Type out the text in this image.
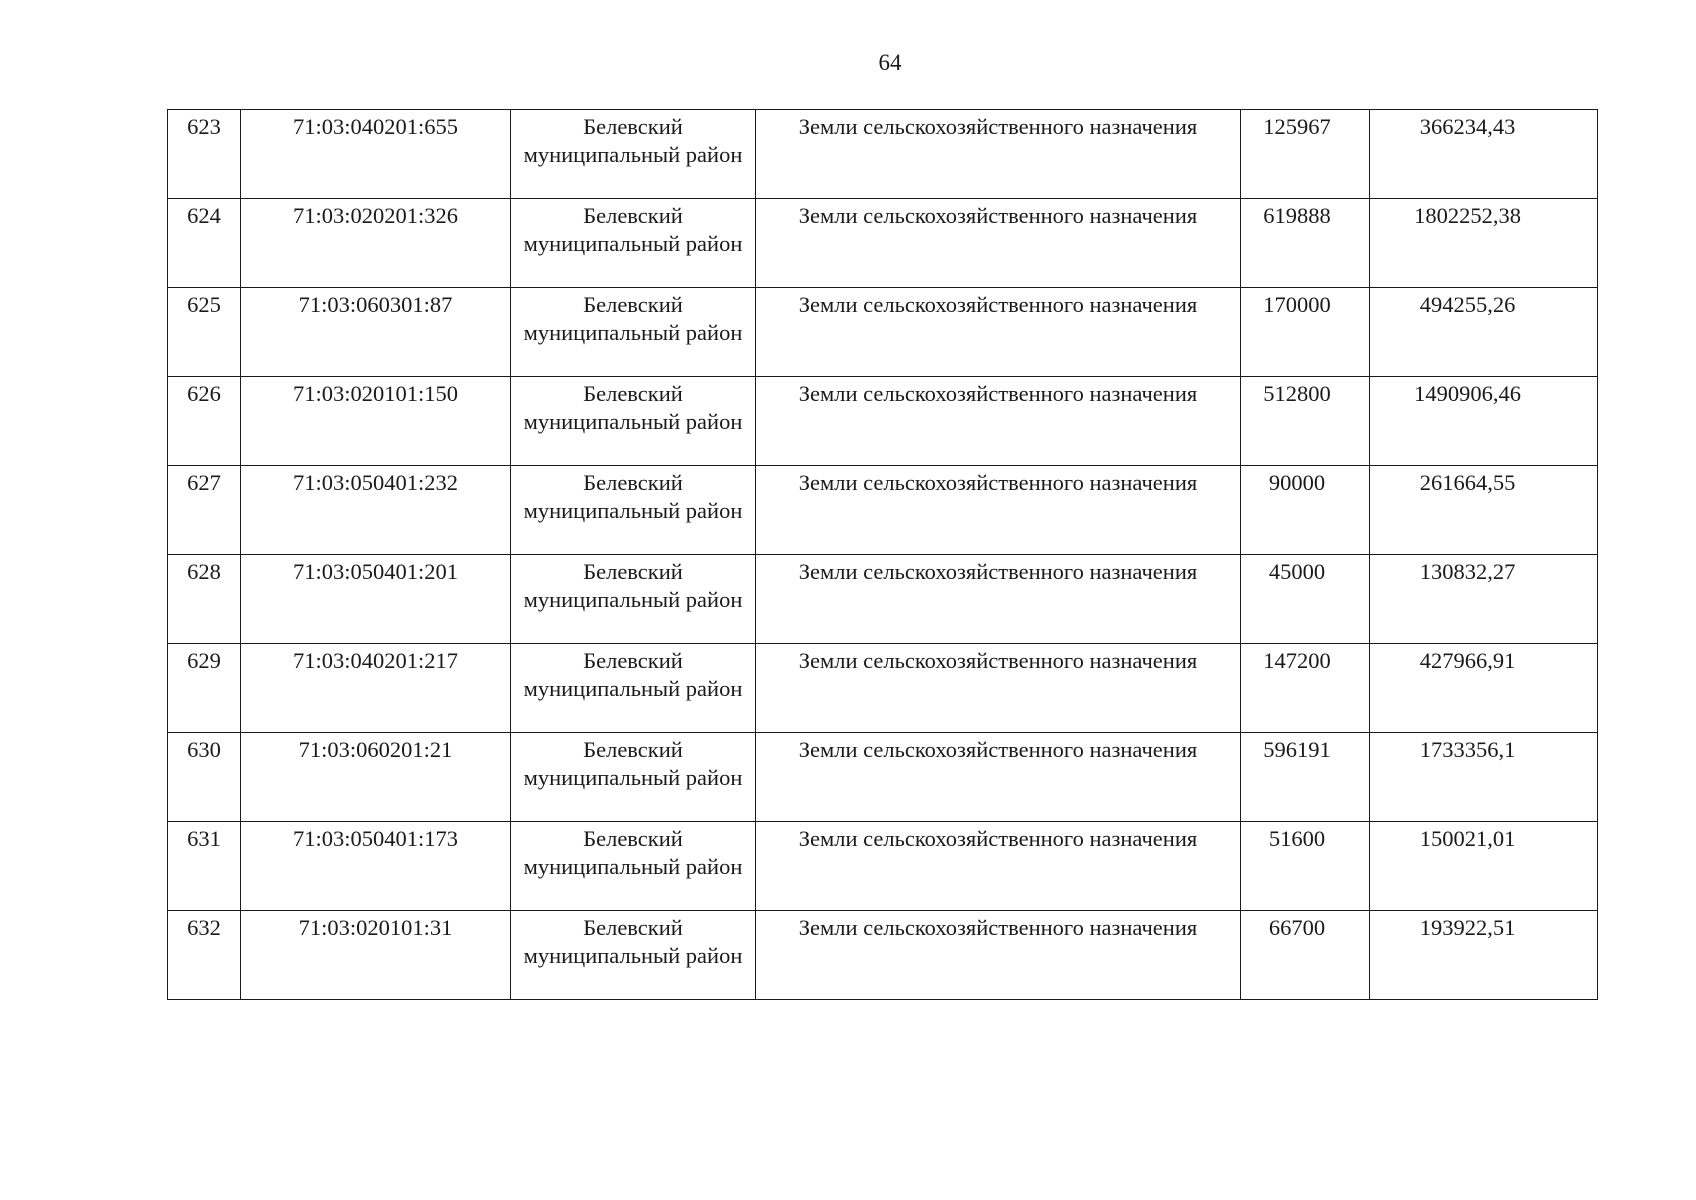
64
623	71:03:040201:655	Белевский муниципальный район	Земли сельскохозяйственного назначения	125967	366234,43
624	71:03:020201:326	Белевский муниципальный район	Земли сельскохозяйственного назначения	619888	1802252,38
625	71:03:060301:87	Белевский муниципальный район	Земли сельскохозяйственного назначения	170000	494255,26
626	71:03:020101:150	Белевский муниципальный район	Земли сельскохозяйственного назначения	512800	1490906,46
627	71:03:050401:232	Белевский муниципальный район	Земли сельскохозяйственного назначения	90000	261664,55
628	71:03:050401:201	Белевский муниципальный район	Земли сельскохозяйственного назначения	45000	130832,27
629	71:03:040201:217	Белевский муниципальный район	Земли сельскохозяйственного назначения	147200	427966,91
630	71:03:060201:21	Белевский муниципальный район	Земли сельскохозяйственного назначения	596191	1733356,1
631	71:03:050401:173	Белевский муниципальный район	Земли сельскохозяйственного назначения	51600	150021,01
632	71:03:020101:31	Белевский муниципальный район	Земли сельскохозяйственного назначения	66700	193922,51
